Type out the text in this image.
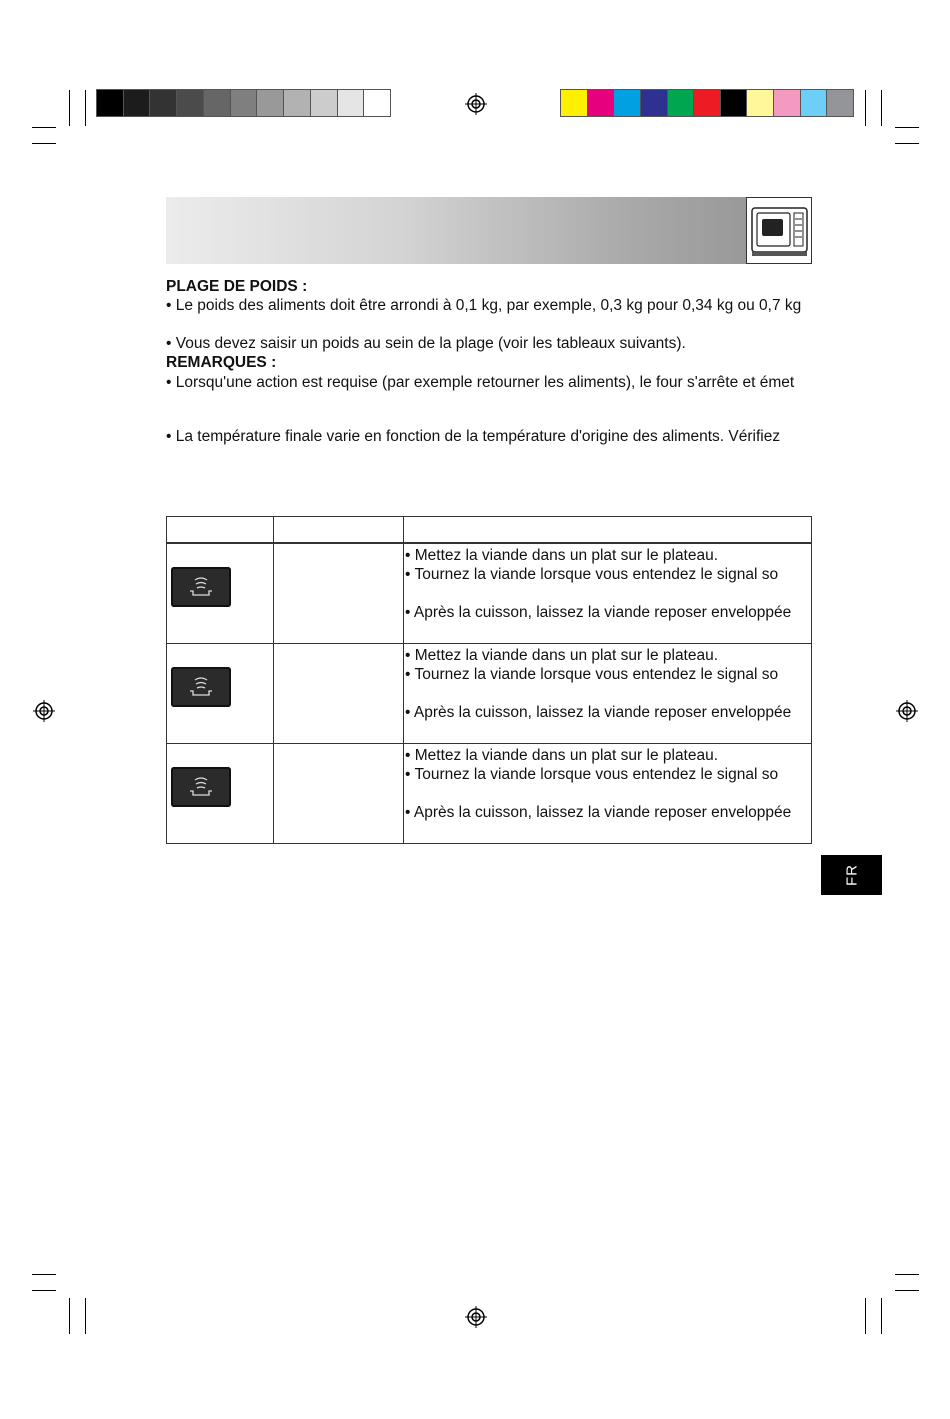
PLAGE DE POIDS :
• Le poids des aliments doit être arrondi à 0,1 kg, par exemple, 0,3 kg pour 0,34 kg ou 0,7 kg
• Vous devez saisir un poids au sein de la plage (voir les tableaux suivants).
REMARQUES :
• Lorsqu'une action est requise (par exemple retourner les aliments), le four s'arrête et émet
• La température finale varie en fonction de la température d'origine des aliments. Vérifiez
• Mettez la viande dans un plat sur le plateau.
• Tournez la viande lorsque vous entendez le signal so
• Après la cuisson, laissez la viande reposer enveloppée
• Mettez la viande dans un plat sur le plateau.
• Tournez la viande lorsque vous entendez le signal so
• Après la cuisson, laissez la viande reposer enveloppée
• Mettez la viande dans un plat sur le plateau.
• Tournez la viande lorsque vous entendez le signal so
• Après la cuisson, laissez la viande reposer enveloppée
FR
